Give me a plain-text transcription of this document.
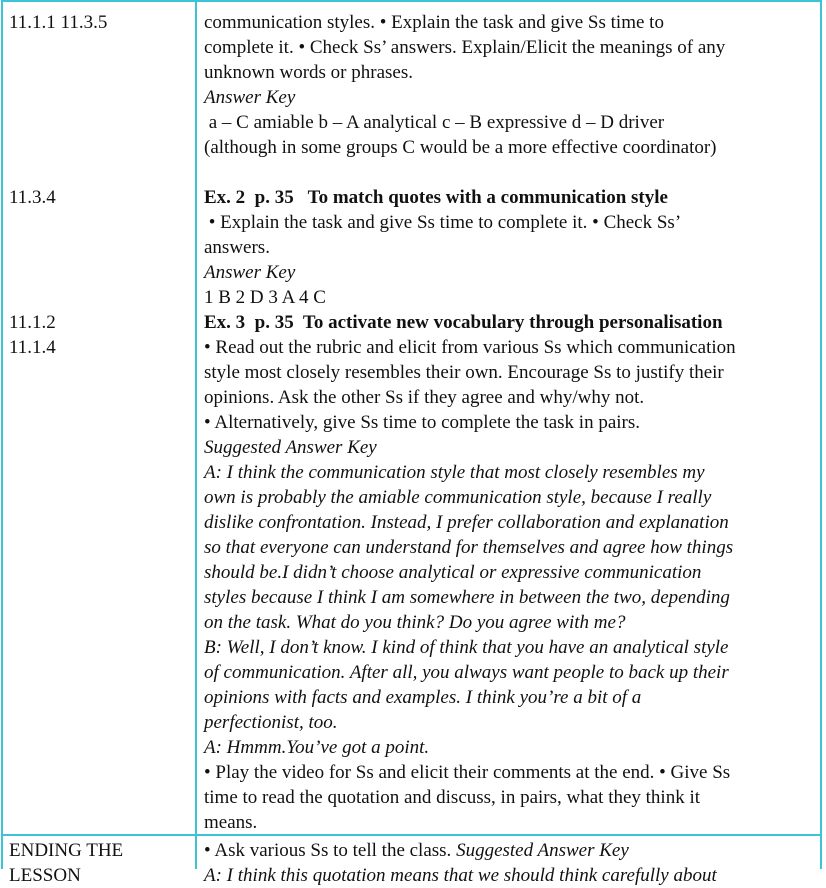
11.1.1 11.3.5	communication styles. • Explain the task and give Ss time to
complete it. • Check Ss’ answers. Explain/Elicit the meanings of any
unknown words or phrases.
Answer Key
a – C amiable b – A analytical c – B expressive d – D driver
(although in some groups C would be a more effective coordinator)
11.3.4	Ex. 2  p. 35   To match quotes with a communication style
• Explain the task and give Ss time to complete it. • Check Ss’
answers.
Answer Key
1 B 2 D 3 A 4 C
11.1.2
11.1.4
Ex. 3  p. 35  To activate new vocabulary through personalisation
• Read out the rubric and elicit from various Ss which communication
style most closely resembles their own. Encourage Ss to justify their
opinions. Ask the other Ss if they agree and why/why not.
• Alternatively, give Ss time to complete the task in pairs.
Suggested Answer Key
A: I think the communication style that most closely resembles my
own is probably the amiable communication style, because I really
dislike confrontation. Instead, I prefer collaboration and explanation
so that everyone can understand for themselves and agree how things
should be.I didn’t choose analytical or expressive communication
styles because I think I am somewhere in between the two, depending
on the task. What do you think? Do you agree with me?
B: Well, I don’t know. I kind of think that you have an analytical style
of communication. After all, you always want people to back up their
opinions with facts and examples. I think you’re a bit of a
perfectionist, too.
A: Hmmm.You’ve got a point.
• Play the video for Ss and elicit their comments at the end. • Give Ss
time to read the quotation and discuss, in pairs, what they think it
means.
ENDING THE
LESSON
• Ask various Ss to tell the class. Suggested Answer Key
A: I think this quotation means that we should think carefully about
